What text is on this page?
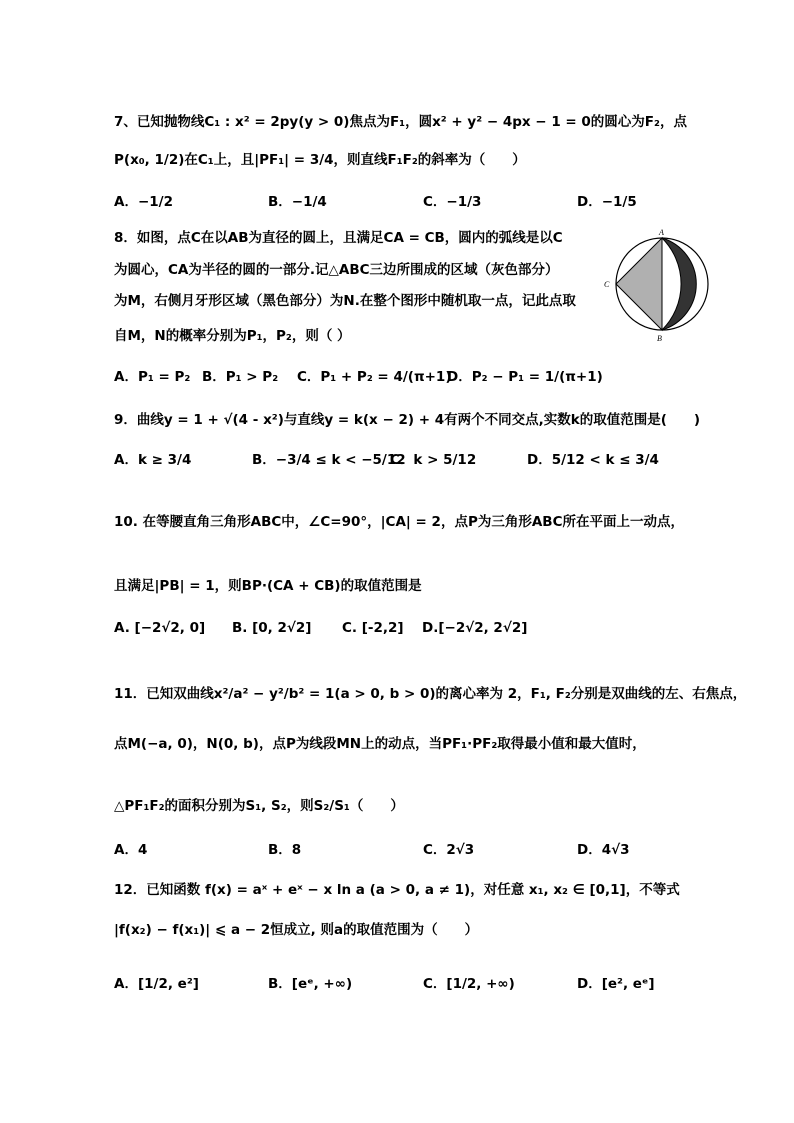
7、已知抛物线C₁ : x² = 2py(y > 0)焦点为F₁，圆x² + y² − 4px − 1 = 0的圆心为F₂，点
P(x₀, 1/2)在C₁上，且|PF₁| = 3/4，则直线F₁F₂的斜率为（　　）
A．−1/2	B．−1/4	C．−1/3	D．−1/5
8．如图，点C在以AB为直径的圆上，且满足CA = CB，圆内的弧线是以C
为圆心，CA为半径的圆的一部分.记△ABC三边所围成的区域（灰色部分）
为M，右侧月牙形区域（黑色部分）为N.在整个图形中随机取一点，记此点取
自M，N的概率分别为P₁，P₂，则（ ）
A．P₁ = P₂ B．P₁ > P₂ C．P₁ + P₂ = 4/(π+1)
D．P₂ − P₁ = 1/(π+1)
A
B
C
9．曲线y = 1 + √(4 - x²)与直线y = k(x − 2) + 4有两个不同交点,实数k的取值范围是(　　)
A．k ≥ 3/4	B．−3/4 ≤ k < −5/12
C．k > 5/12	D．5/12 < k ≤ 3/4
10. 在等腰直角三角形ABC中，∠C=90°，|CA| = 2，点P为三角形ABC所在平面上一动点，
且满足|PB| = 1，则BP·(CA + CB)的取值范围是
A. [−2√2, 0] B. [0, 2√2] C. [-2,2] D.[−2√2, 2√2]
11．已知双曲线x²/a² − y²/b² = 1(a > 0, b > 0)的离心率为 2，F₁, F₂分别是双曲线的左、右焦点，
点M(−a, 0)，N(0, b)，点P为线段MN上的动点，当PF₁·PF₂取得最小值和最大值时，
△PF₁F₂的面积分别为S₁, S₂，则S₂/S₁（　　）
A．4	B．8	C．2√3	D．4√3
12．已知函数 f(x) = aˣ + eˣ − x ln a (a > 0, a ≠ 1)，对任意 x₁, x₂ ∈ [0,1]，不等式
|f(x₂) − f(x₁)| ⩽ a − 2恒成立, 则a的取值范围为（　　）
A．[1/2, e²]	B．[eᵉ, +∞)	C．[1/2, +∞)	D．[e², eᵉ]
